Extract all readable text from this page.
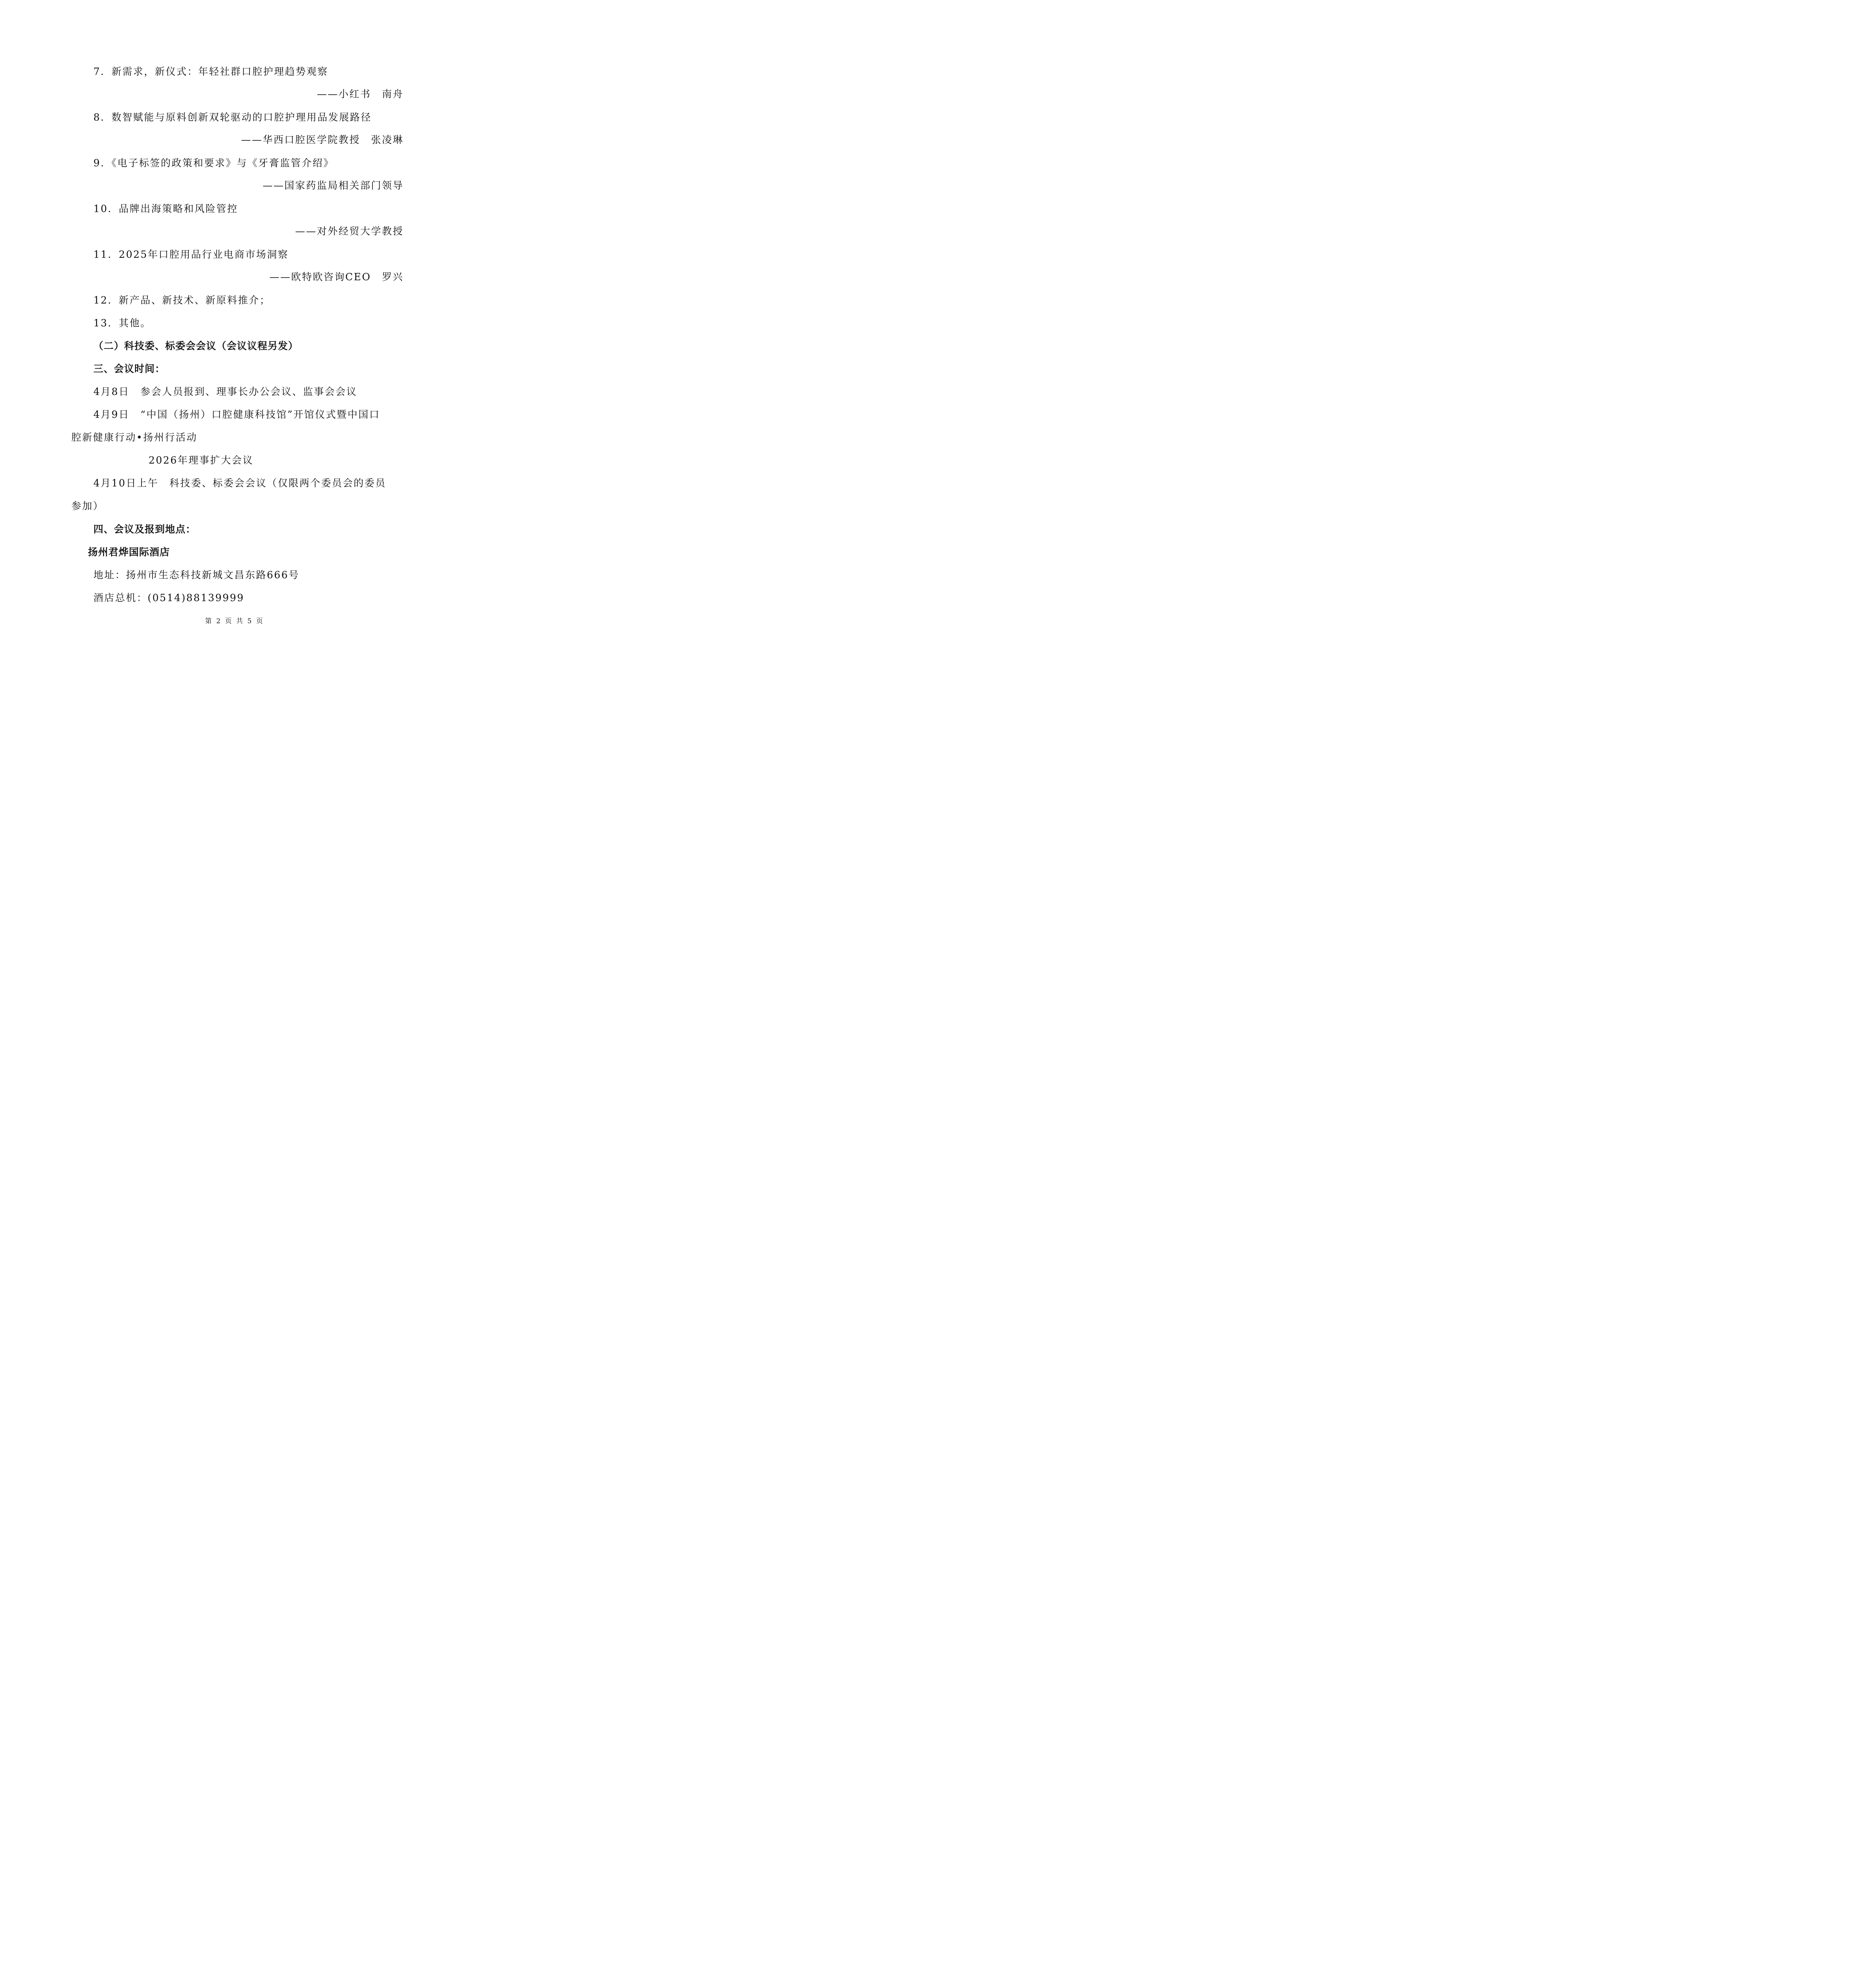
7．新需求，新仪式：年轻社群口腔护理趋势观察
——小红书　南舟
8．数智赋能与原料创新双轮驱动的口腔护理用品发展路径
——华西口腔医学院教授　张凌琳
9．《电子标签的政策和要求》与《牙膏监管介绍》
——国家药监局相关部门领导
10．品牌出海策略和风险管控
——对外经贸大学教授
11．2025年口腔用品行业电商市场洞察
——欧特欧咨询CEO　罗兴
12．新产品、新技术、新原料推介；
13．其他。
（二）科技委、标委会会议（会议议程另发）
三、会议时间：
4月8日　参会人员报到、理事长办公会议、监事会会议
4月9日　“中国（扬州）口腔健康科技馆”开馆仪式暨中国口
腔新健康行动•扬州行活动
2026年理事扩大会议
4月10日上午　科技委、标委会会议（仅限两个委员会的委员
参加）
四、会议及报到地点：
扬州君烨国际酒店
地址：扬州市生态科技新城文昌东路666号
酒店总机：(0514)88139999
第 2 页 共 5 页
